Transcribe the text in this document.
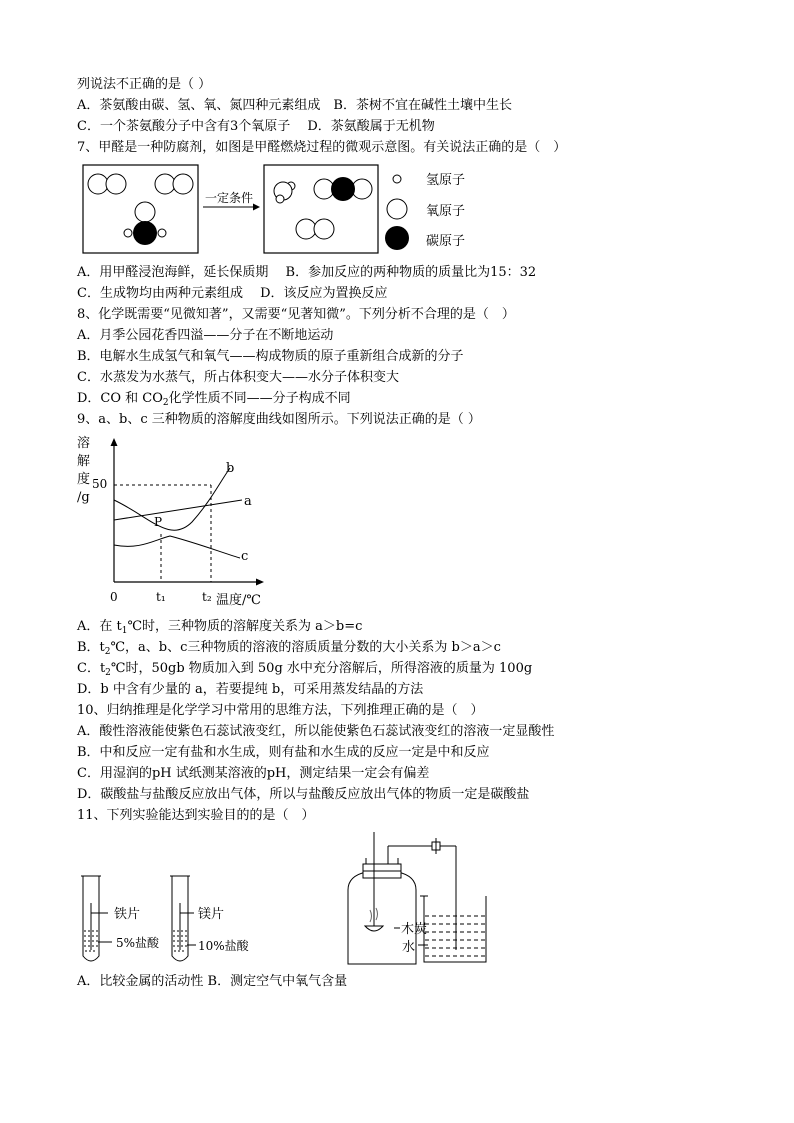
列说法不正确的是（ ）
A．茶氨酸由碳、氢、氧、氮四种元素组成　B．茶树不宜在碱性土壤中生长
C．一个茶氨酸分子中含有3个氧原子　 D．茶氨酸属于无机物
7、甲醛是一种防腐剂，如图是甲醛燃烧过程的微观示意图。有关说法正确的是（　）
一定条件
氢原子
氧原子
碳原子
A．用甲醛浸泡海鲜，延长保质期　 B．参加反应的两种物质的质量比为15：32
C．生成物均由两种元素组成　 D．该反应为置换反应
8、化学既需要“见微知著”，又需要“见著知微”。下列分析不合理的是（　）
A．月季公园花香四溢——分子在不断地运动
B．电解水生成氢气和氧气——构成物质的原子重新组合成新的分子
C．水蒸发为水蒸气，所占体积变大——水分子体积变大
D．CO 和 $CO_2$化学性质不同——分子构成不同
9、a、b、c 三种物质的溶解度曲线如图所示。下列说法正确的是（ ）
溶
解
度
/g
50
0	t₁	t₂ 温度/℃
b
a
c
P
A．在 $t_1℃$时，三种物质的溶解度关系为 a＞b=c
B．$t_2℃$，a、b、c三种物质的溶液的溶质质量分数的大小关系为 b＞a＞c
C．$t_2℃$时，50gb 物质加入到 50g 水中充分溶解后，所得溶液的质量为 100g
D．b 中含有少量的 a，若要提纯 b，可采用蒸发结晶的方法
10、归纳推理是化学学习中常用的思维方法，下列推理正确的是（　）
A．酸性溶液能使紫色石蕊试液变红，所以能使紫色石蕊试液变红的溶液一定显酸性
B．中和反应一定有盐和水生成，则有盐和水生成的反应一定是中和反应
C．用湿润的pH 试纸测某溶液的pH，测定结果一定会有偏差
D．碳酸盐与盐酸反应放出气体，所以与盐酸反应放出气体的物质一定是碳酸盐
11、下列实验能达到实验目的的是（　）
铁片
5%盐酸
镁片
10%盐酸
木炭
水
A．比较金属的活动性 B．测定空气中氧气含量
